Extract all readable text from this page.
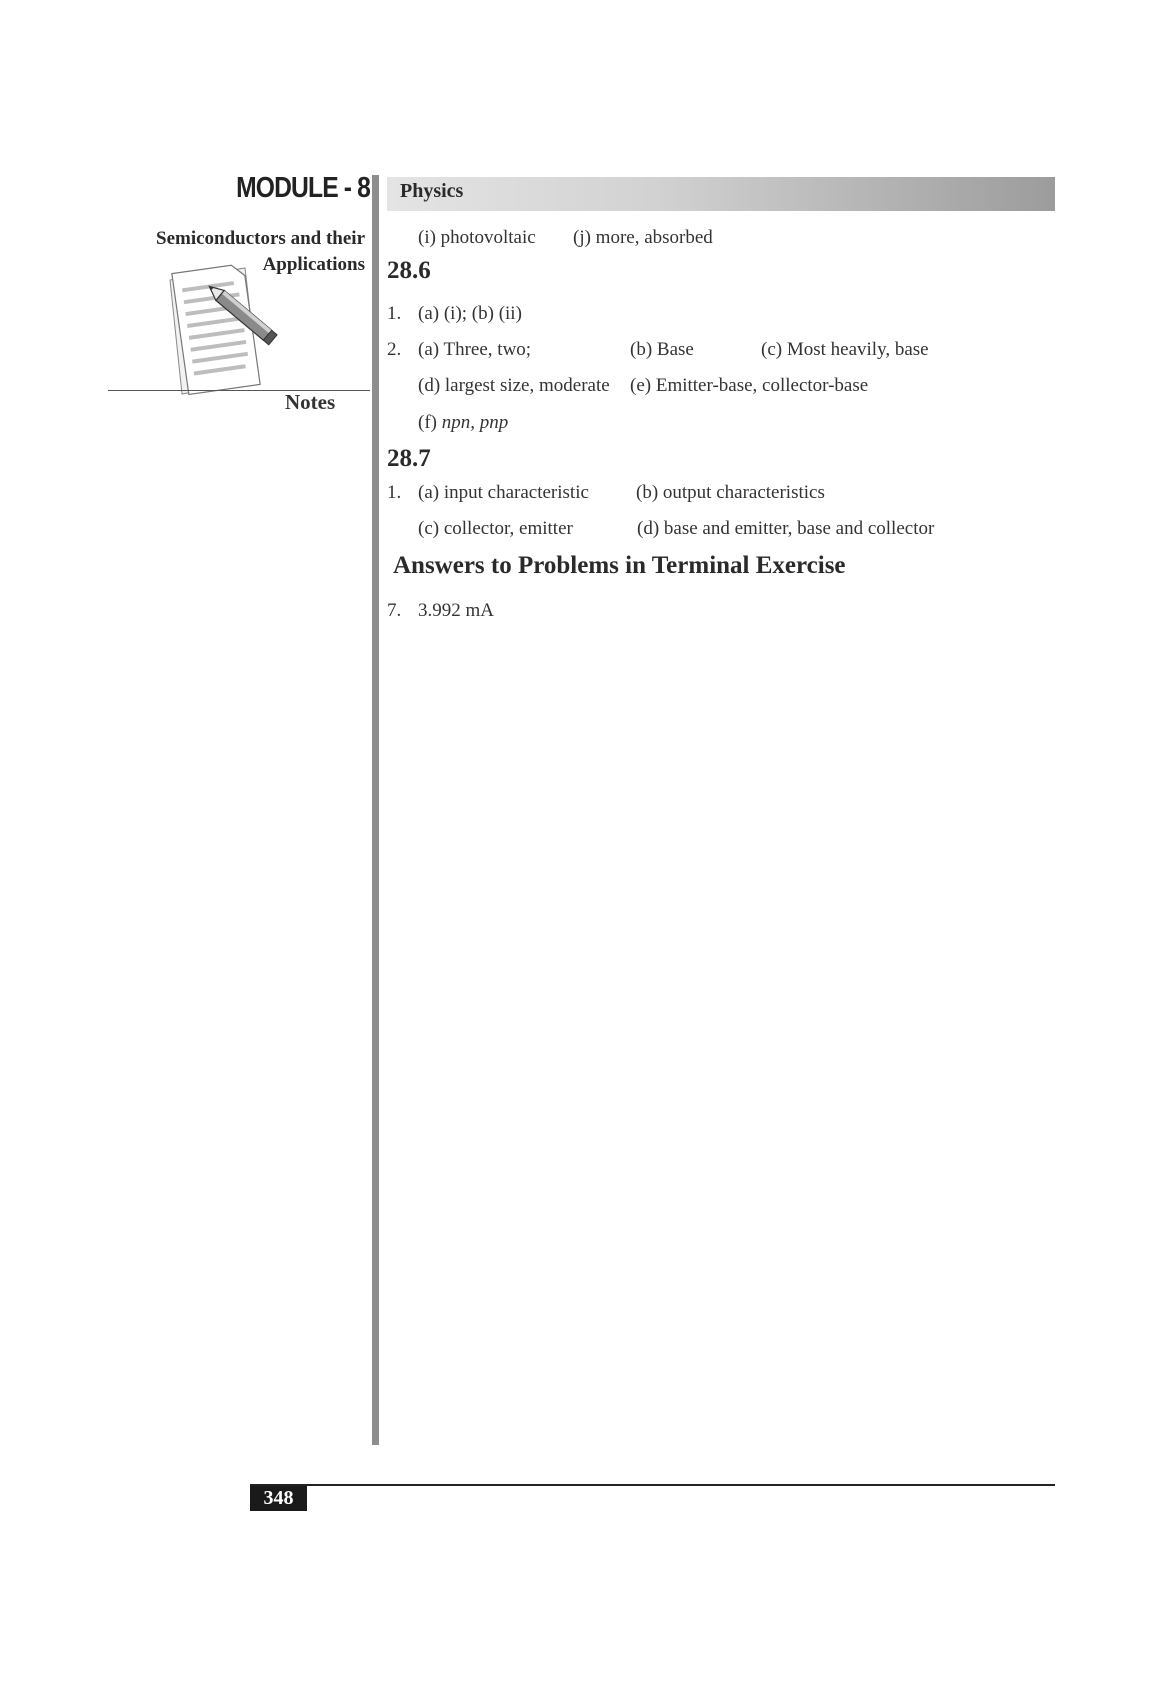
MODULE - 8
Semiconductors and their
Applications
Notes
Physics
(i) photovoltaic (j) more, absorbed
28.6
1. (a) (i); (b) (ii)
2. (a) Three, two;	(b) Base	(c) Most heavily, base
(d) largest size, moderate (e) Emitter-base, collector-base
(f) npn, pnp
28.7
1. (a) input characteristic (b) output characteristics
(c) collector, emitter	(d) base and emitter, base and collector
Answers to Problems in Terminal Exercise
7. 3.992 mA
348
